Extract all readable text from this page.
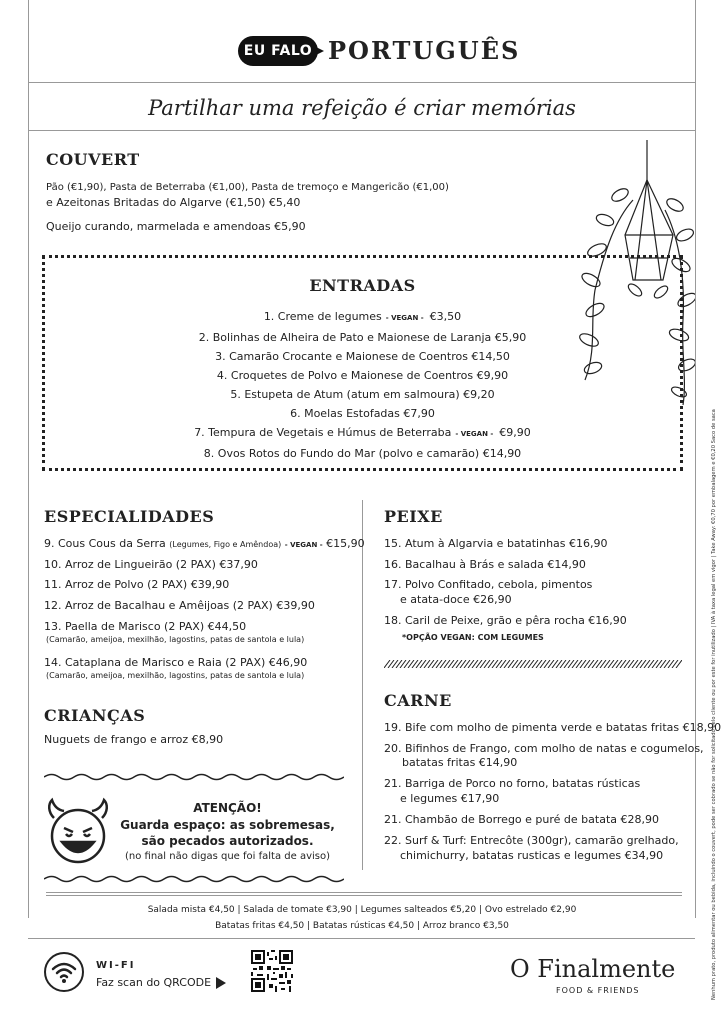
EU FALO PORTUGUÊS
Partilhar uma refeição é criar memórias
COUVERT
Pão (€1,90), Pasta de Beterraba (€1,00), Pasta de tremoço e Mangericão (€1,00)
e Azeitonas Britadas do Algarve (€1,50) €5,40
Queijo curando, marmelada e amendoas €5,90
Nenhum prato, produto alimentar ou bebida, incluindo o couvert, pode ser cobrado se não for solicitado pelo cliente ou por este for inutilizado | IVA à taxa legal em vigor | Take Away: €0,70 por embalagem e €0,20 Saco de saca
ENTRADAS
1. Creme de legumes - VEGAN - €3,50
2. Bolinhas de Alheira de Pato e Maionese de Laranja €5,90
3. Camarão Crocante e Maionese de Coentros €14,50
4. Croquetes de Polvo e Maionese de Coentros €9,90
5. Estupeta de Atum (atum em salmoura) €9,20
6. Moelas Estofadas €7,90
7. Tempura de Vegetais e Húmus de Beterraba - VEGAN - €9,90
8. Ovos Rotos do Fundo do Mar (polvo e camarão) €14,90
ESPECIALIDADES
9. Cous Cous da Serra (Legumes, Figo e Amêndoa) - VEGAN - €15,90
10. Arroz de Lingueirão (2 PAX) €37,90
11. Arroz de Polvo (2 PAX) €39,90
12. Arroz de Bacalhau e Amêijoas (2 PAX) €39,90
13. Paella de Marisco (2 PAX) €44,50
(Camarão, ameijoa, mexilhão, lagostins, patas de santola e lula)
14. Cataplana de Marisco e Raia (2 PAX) €46,90
(Camarão, ameijoa, mexilhão, lagostins, patas de santola e lula)
CRIANÇAS
Nuguets de frango e arroz €8,90
ATENÇÃO!
Guarda espaço: as sobremesas,
são pecados autorizados.
(no final não digas que foi falta de aviso)
PEIXE
15. Atum à Algarvia e batatinhas €16,90
16. Bacalhau à Brás e salada €14,90
17. Polvo Confitado, cebola, pimentos
e atata-doce €26,90
18. Caril de Peixe, grão e pêra rocha €16,90
*OPÇÃO VEGAN: COM LEGUMES
CARNE
19. Bife com molho de pimenta verde e batatas fritas €18,90
20. Bifinhos de Frango, com molho de natas e cogumelos,
batatas fritas €14,90
21. Barriga de Porco no forno, batatas rústicas
e legumes €17,90
21. Chambão de Borrego e puré de batata €28,90
22. Surf & Turf: Entrecôte (300gr), camarão grelhado,
chimichurry, batatas rusticas e legumes €34,90
Salada mista €4,50 | Salada de tomate €3,90 | Legumes salteados €5,20 | Ovo estrelado €2,90
Batatas fritas €4,50 | Batatas rústicas €4,50 | Arroz branco €3,50
WI-FI
Faz scan do QRCODE	O Finalmente
FOOD & FRIENDS
